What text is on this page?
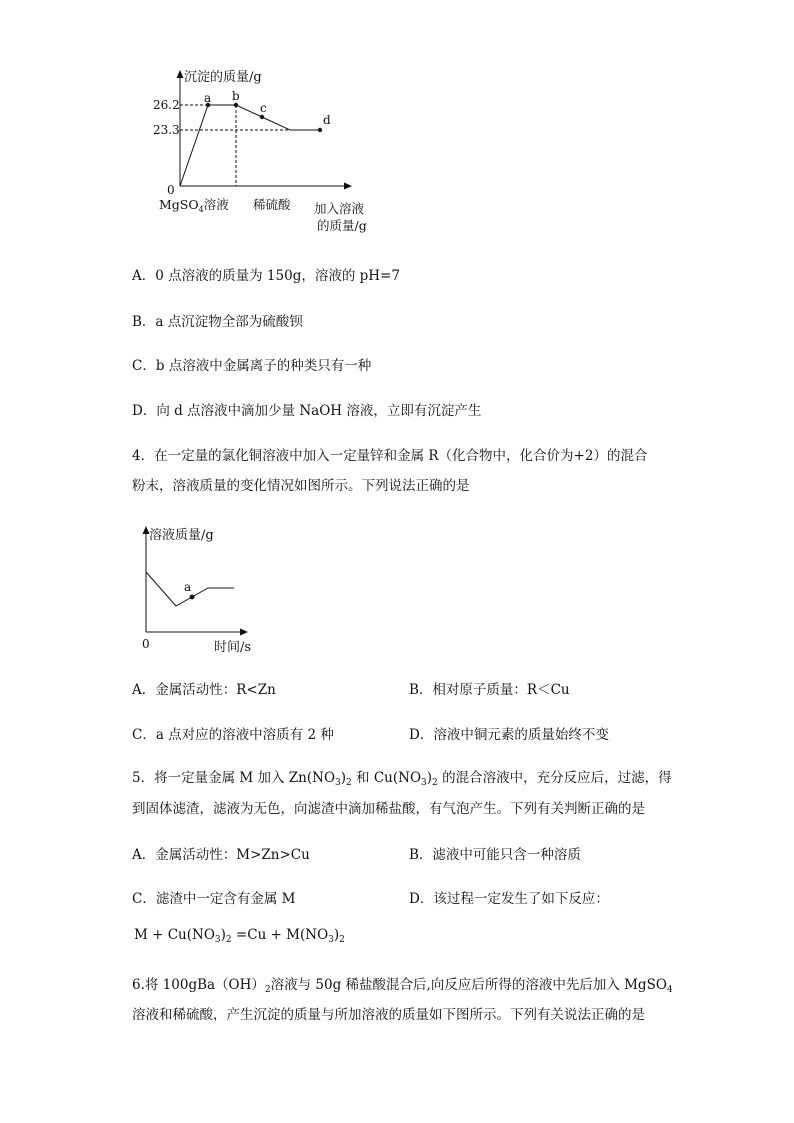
沉淀的质量/g
26.2
23.3
0
a b
c
d
MgSO$_4$溶液 稀硫酸 加入溶液
的质量/g
A．0 点溶液的质量为 150g，溶液的 pH=7
B．a 点沉淀物全部为硫酸钡
C．b 点溶液中金属离子的种类只有一种
D．向 d 点溶液中滴加少量 NaOH 溶液，立即有沉淀产生
4．在一定量的氯化铜溶液中加入一定量锌和金属 R（化合物中，化合价为+2）的混合
粉末，溶液质量的变化情况如图所示。下列说法正确的是
溶液质量/g
a
0	时间/s
A．金属活动性：R<Zn	B．相对原子质量：R＜Cu
C．a 点对应的溶液中溶质有 2 种	D．溶液中铜元素的质量始终不变
5．将一定量金属 M 加入 $Zn(NO_3)_2$ 和 $Cu(NO_3)_2$ 的混合溶液中，充分反应后，过滤，得
到固体滤渣，滤液为无色，向滤渣中滴加稀盐酸，有气泡产生。下列有关判断正确的是
A．金属活动性：M>Zn>Cu	B．滤液中可能只含一种溶质
C．滤渣中一定含有金属 M	D．该过程一定发生了如下反应：
$M + Cu(NO_3)_2 =Cu + M(NO_3)_2$
6.将 $100gBa(OH)_2$溶液与 50g 稀盐酸混合后,向反应后所得的溶液中先后加入 MgSO$_4$
溶液和稀硫酸，产生沉淀的质量与所加溶液的质量如下图所示。下列有关说法正确的是
